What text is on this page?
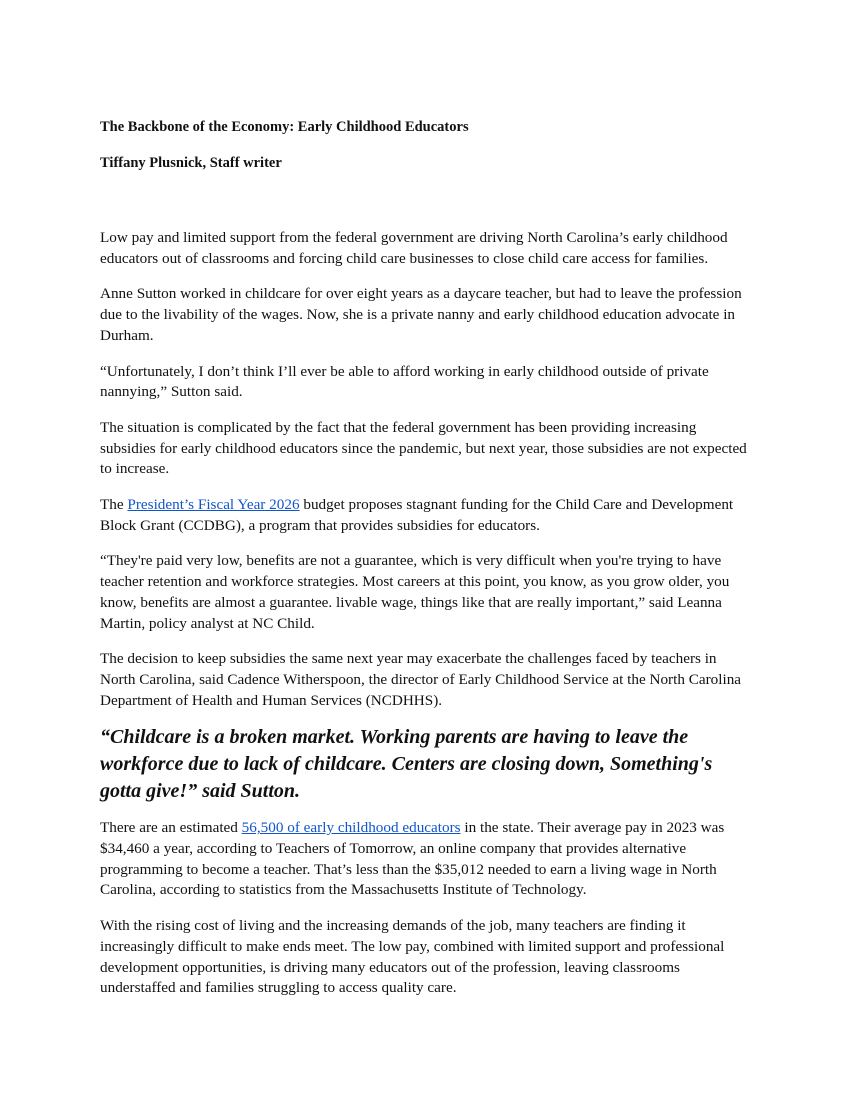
The Backbone of the Economy: Early Childhood Educators

Tiffany Plusnick, Staff writer

Low pay and limited support from the federal government are driving North Carolina’s early childhood educators out of classrooms and forcing child care businesses to close child care access for families.

Anne Sutton worked in childcare for over eight years as a daycare teacher, but had to leave the profession due to the livability of the wages. Now, she is a private nanny and early childhood education advocate in Durham.

“Unfortunately, I don’t think I’ll ever be able to afford working in early childhood outside of private nannying,” Sutton said.

The situation is complicated by the fact that the federal government has been providing increasing subsidies for early childhood educators since the pandemic, but next year, those subsidies are not expected to increase.

The President’s Fiscal Year 2026 budget proposes stagnant funding for the Child Care and Development Block Grant (CCDBG), a program that provides subsidies for educators.

“They're paid very low, benefits are not a guarantee, which is very difficult when you're trying to have teacher retention and workforce strategies. Most careers at this point, you know, as you grow older, you know, benefits are almost a guarantee. livable wage, things like that are really important,” said Leanna Martin, policy analyst at NC Child.

The decision to keep subsidies the same next year may exacerbate the challenges faced by teachers in North Carolina, said Cadence Witherspoon, the director of Early Childhood Service at the North Carolina Department of Health and Human Services (NCDHHS).

“Childcare is a broken market. Working parents are having to leave the workforce due to lack of childcare. Centers are closing down, Something's gotta give!” said Sutton.

There are an estimated 56,500 of early childhood educators in the state. Their average pay in 2023 was $34,460 a year, according to Teachers of Tomorrow, an online company that provides alternative programming to become a teacher. That’s less than the $35,012 needed to earn a living wage in North Carolina, according to statistics from the Massachusetts Institute of Technology.

With the rising cost of living and the increasing demands of the job, many teachers are finding it increasingly difficult to make ends meet. The low pay, combined with limited support and professional development opportunities, is driving many educators out of the profession, leaving classrooms understaffed and families struggling to access quality care.
